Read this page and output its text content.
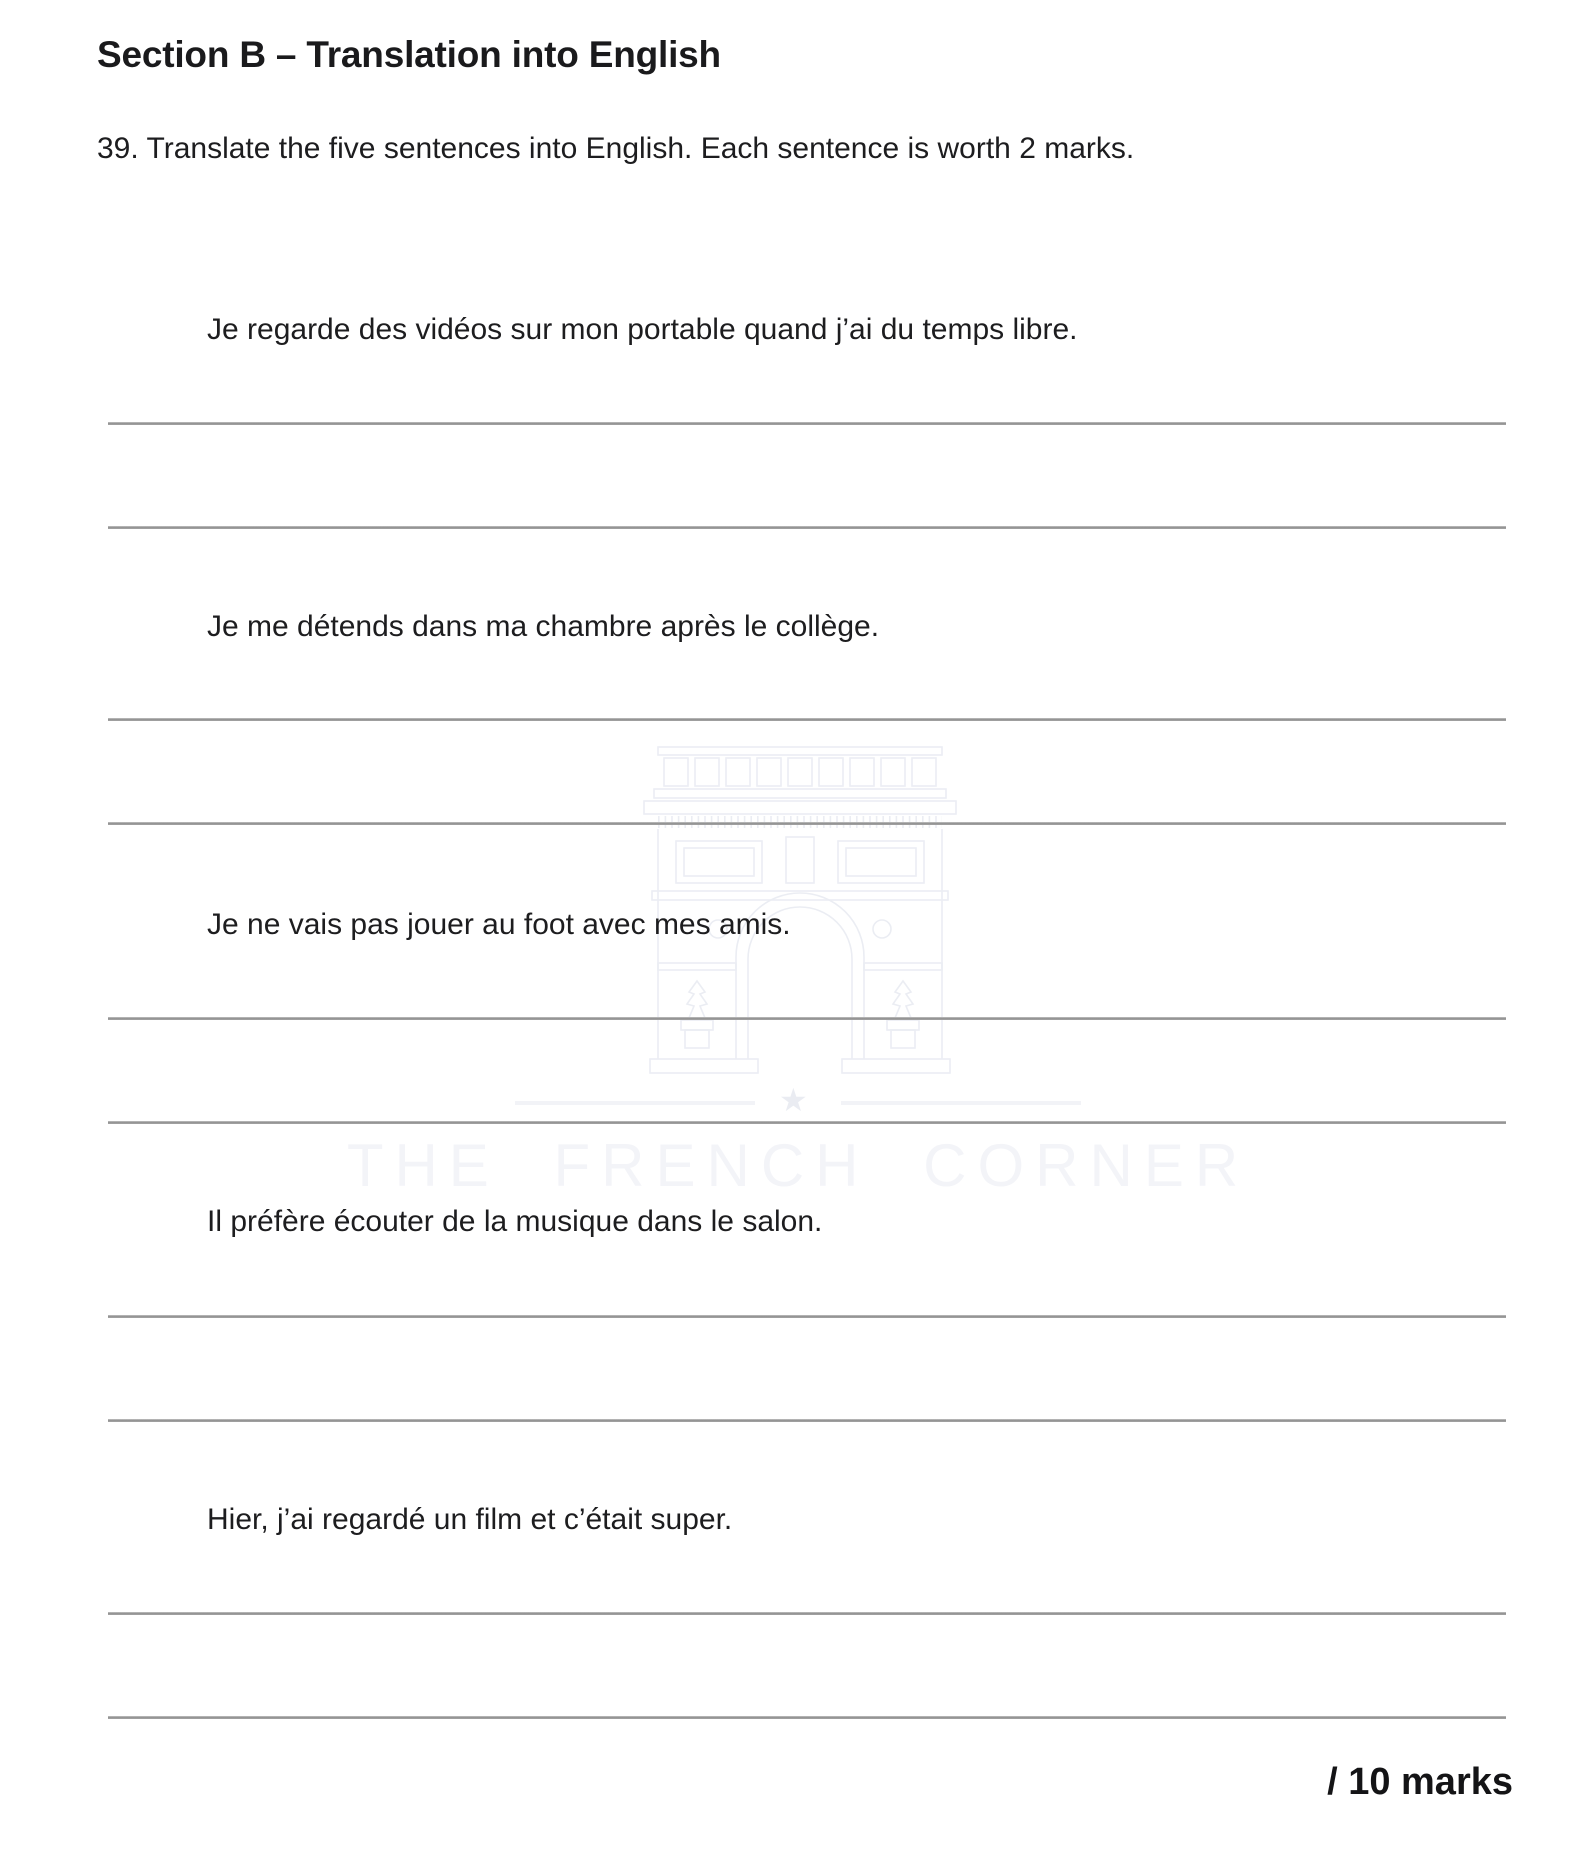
★
THE FRENCH CORNER
Section B – Translation into English

39. Translate the five sentences into English. Each sentence is worth 2 marks.

Je regarde des vidéos sur mon portable quand j’ai du temps libre.

Je me détends dans ma chambre après le collège.

Je ne vais pas jouer au foot avec mes amis.

Il préfère écouter de la musique dans le salon.

Hier, j’ai regardé un film et c’était super.

/ 10 marks
